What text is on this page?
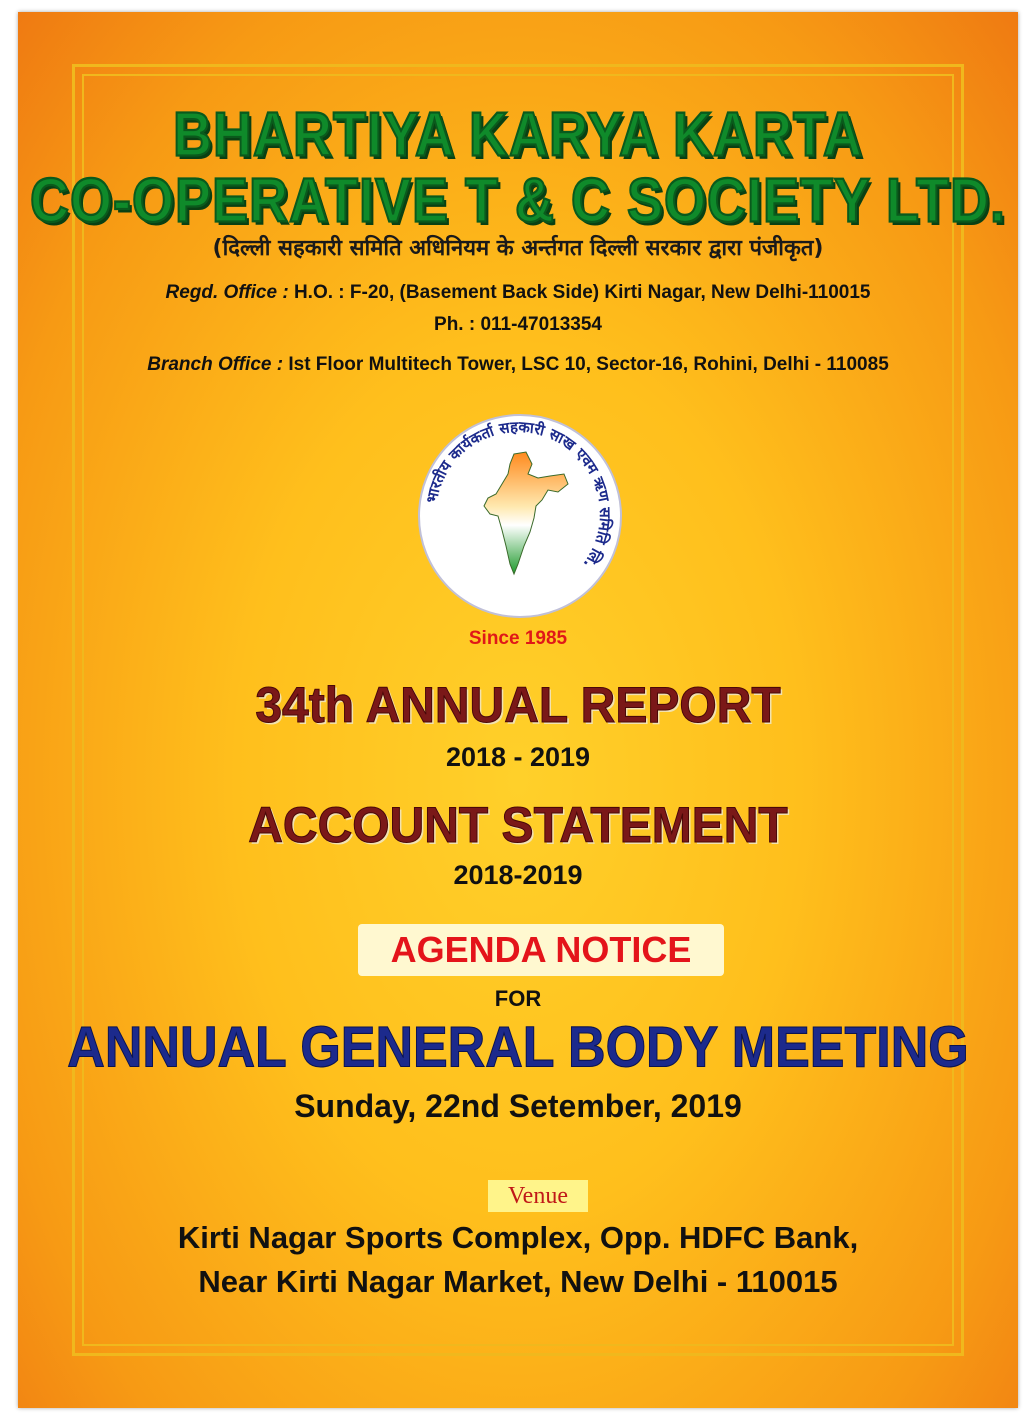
BHARTIYA KARYA KARTA
CO-OPERATIVE T & C SOCIETY LTD.
(दिल्ली सहकारी समिति अधिनियम के अर्न्तगत दिल्ली सरकार द्वारा पंजीकृत)
Regd. Office : H.O. : F-20, (Basement Back Side) Kirti Nagar, New Delhi-110015
Ph. : 011-47013354
Branch Office : Ist Floor Multitech Tower, LSC 10, Sector-16, Rohini, Delhi - 110085
भारतीय कार्यकर्ता सहकारी साख एवम ऋण समिति लि.
Since 1985
34th ANNUAL REPORT
2018 - 2019
ACCOUNT STATEMENT
2018-2019
AGENDA NOTICE
FOR
ANNUAL GENERAL BODY MEETING
Sunday, 22nd Setember, 2019
Venue
Kirti Nagar Sports Complex, Opp. HDFC Bank,
Near Kirti Nagar Market, New Delhi - 110015
